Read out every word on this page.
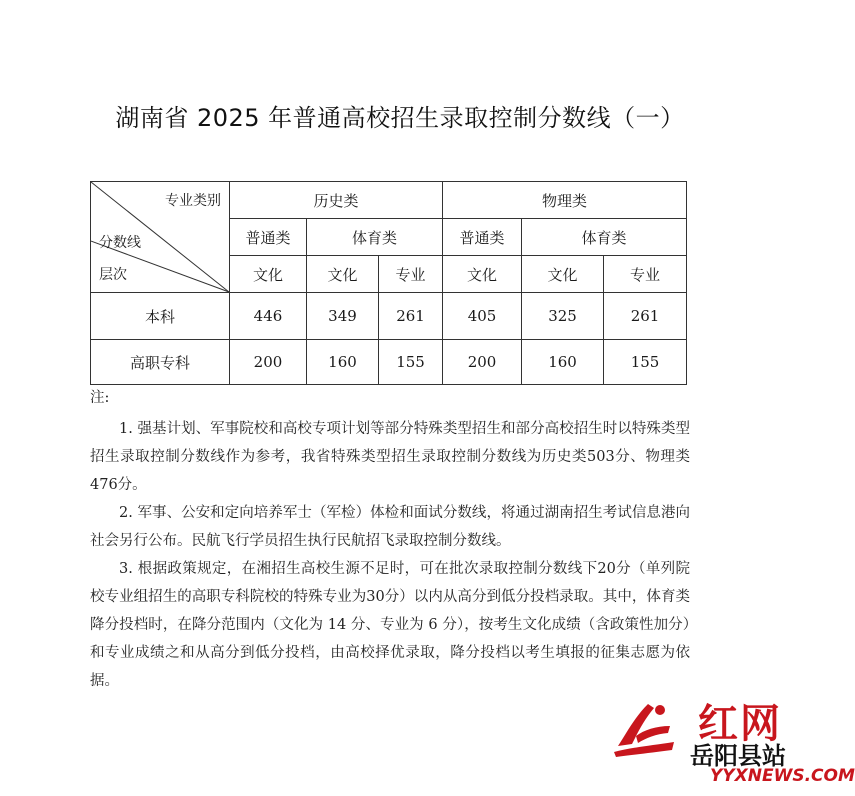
湖南省 2025 年普通高校招生录取控制分数线（一）
专业类别
分数线
层次	历史类			物理类		
	普通类	体育类		普通类	体育类	
	文化	文化	专业	文化	文化	专业
本科	446	349	261	405	325	261
高职专科	200	160	155	200	160	155

注:

1. 强基计划、军事院校和高校专项计划等部分特殊类型招生和部分高校招生时以特殊类型招生录取控制分数线作为参考，我省特殊类型招生录取控制分数线为历史类503分、物理类476分。

2. 军事、公安和定向培养军士（军检）体检和面试分数线，将通过湖南招生考试信息港向社会另行公布。民航飞行学员招生执行民航招飞录取控制分数线。

3. 根据政策规定，在湘招生高校生源不足时，可在批次录取控制分数线下20分（单列院校专业组招生的高职专科院校的特殊专业为30分）以内从高分到低分投档录取。其中，体育类降分投档时，在降分范围内（文化为 14 分、专业为 6 分），按考生文化成绩（含政策性加分）和专业成绩之和从高分到低分投档，由高校择优录取，降分投档以考生填报的征集志愿为依据。

红网
岳阳县站
YYXNEWS.COM
